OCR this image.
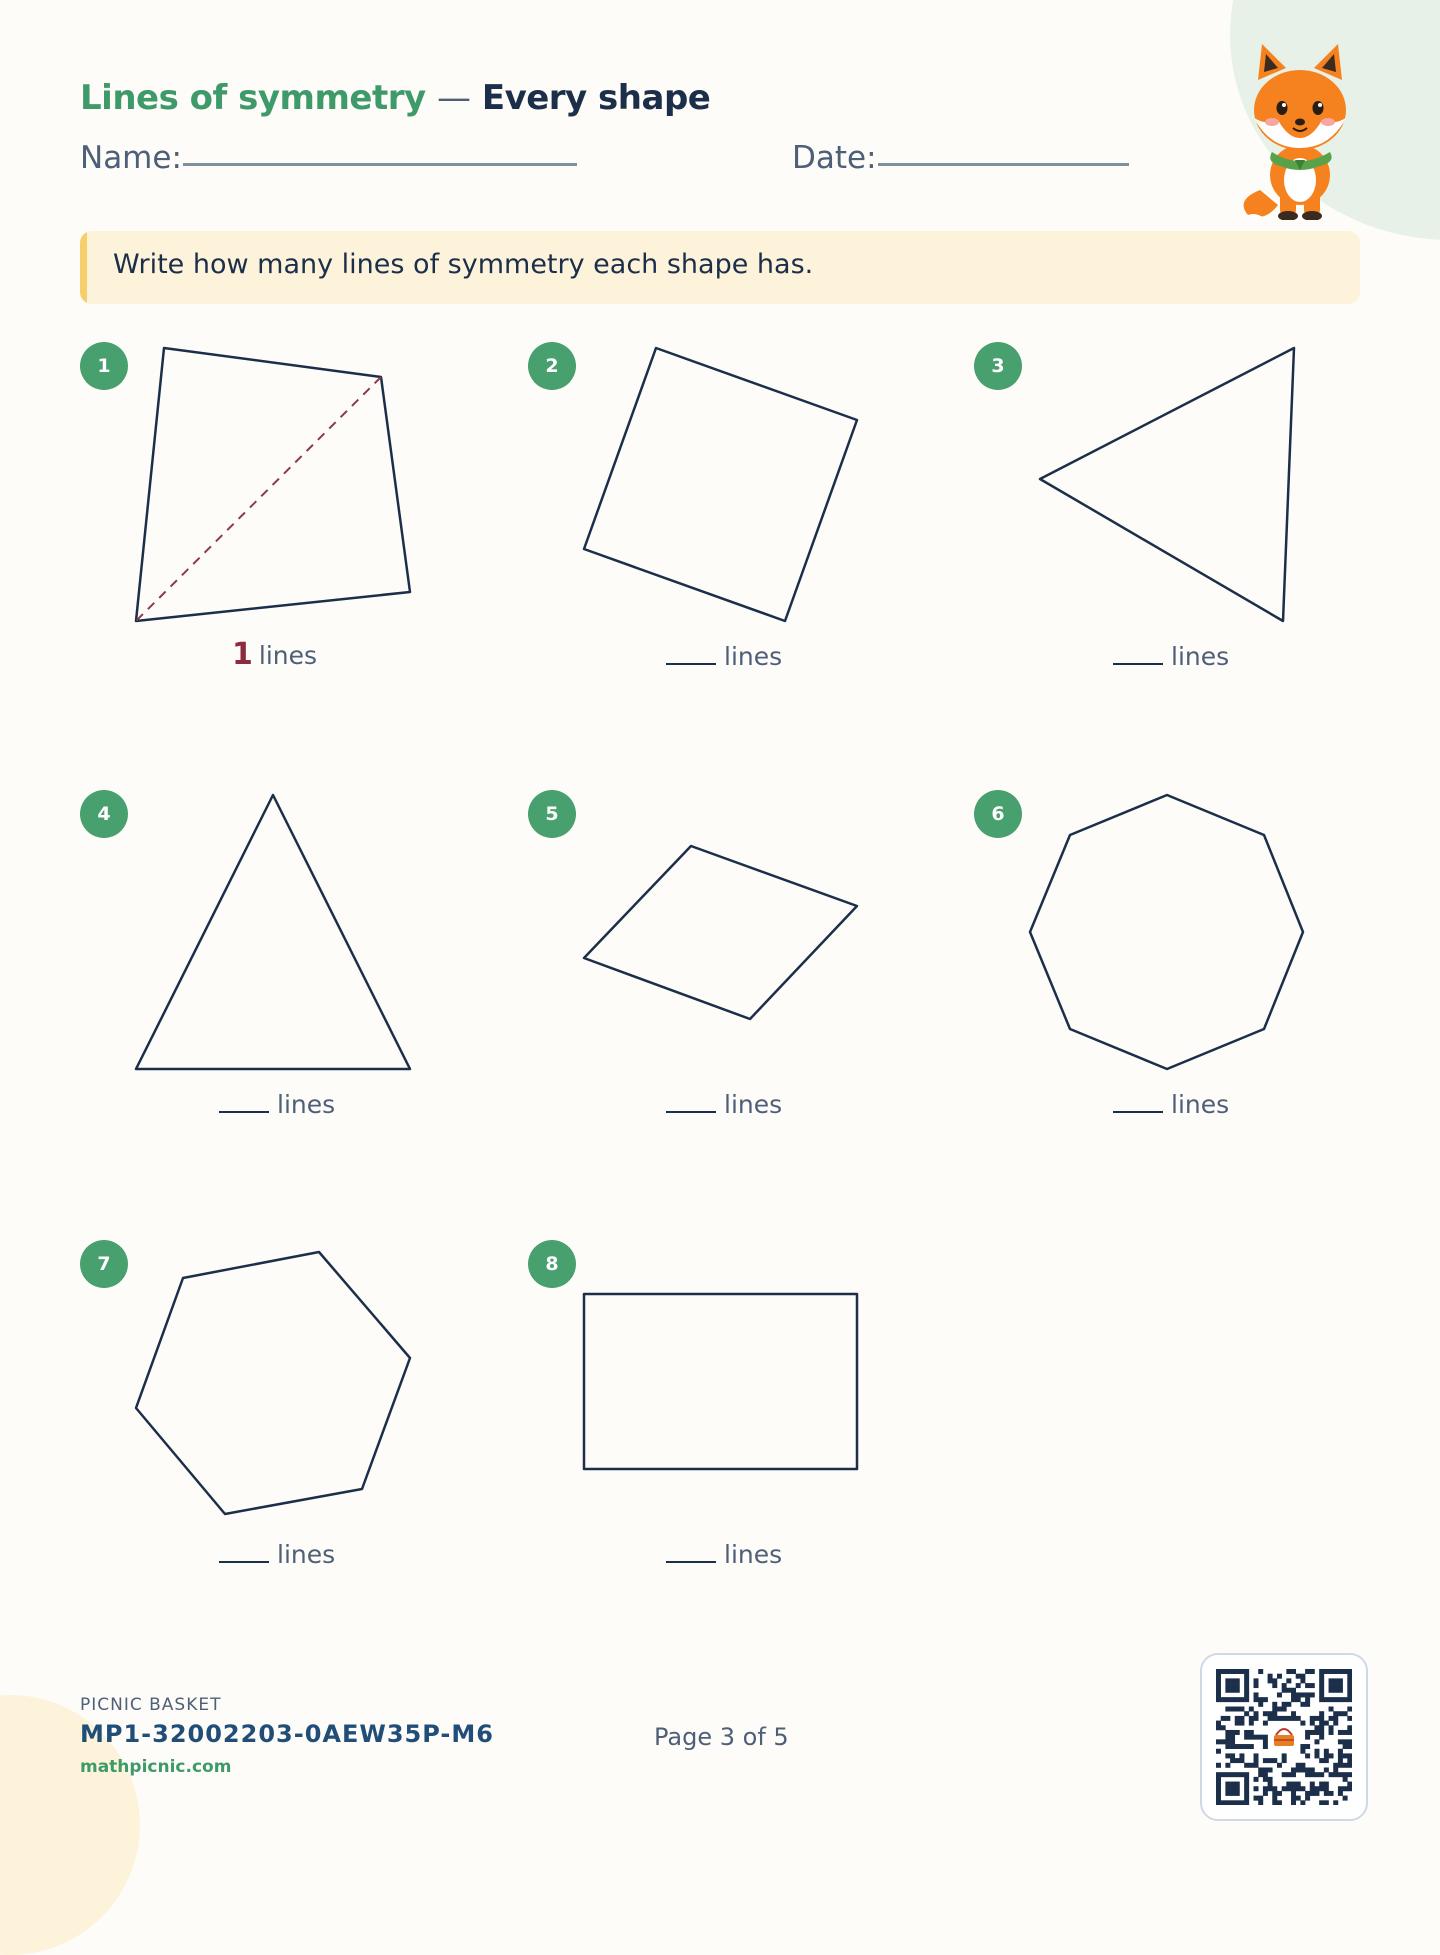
Lines of symmetry — Every shape
Name:	Date:
Write how many lines of symmetry each shape has.
1	2	3
4	5	6
7	8
1 lines	lines	lines
lines	lines	lines
lines	lines
PICNIC BASKET
MP1-32002203-0AEW35P-M6
mathpicnic.com
Page 3 of 5
